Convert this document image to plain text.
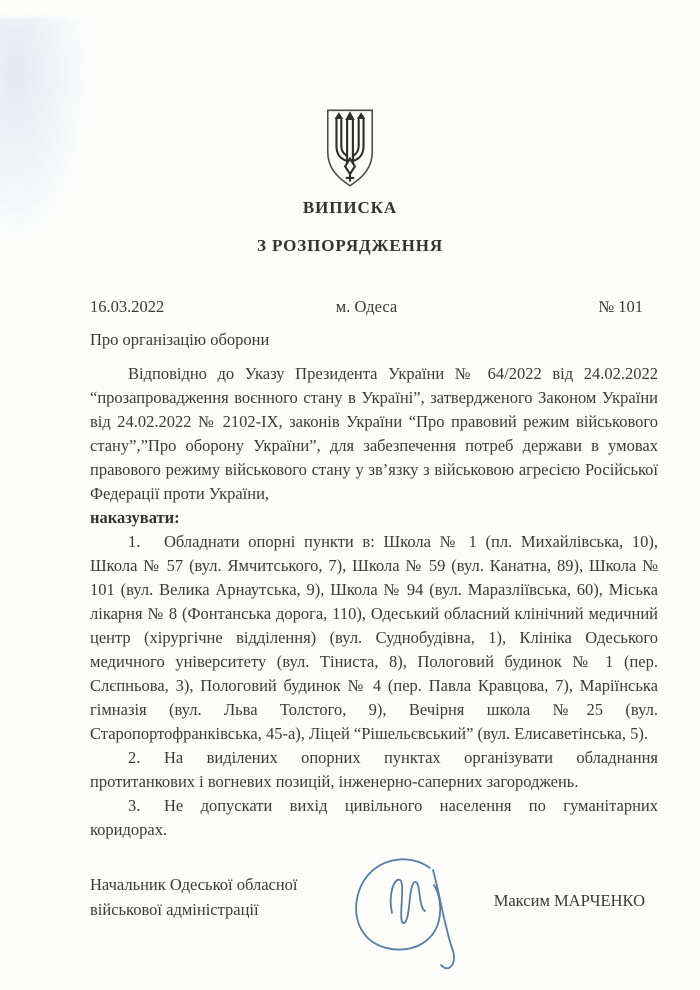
ВИПИСКА
З РОЗПОРЯДЖЕННЯ
16.03.2022	м. Одеса	№ 101
Про організацію оборони

Відповідно до Указу Президента України № 64/2022 від 24.02.2022 “прозапровадження воєнного стану в Україні”, затвердженого Законом України від 24.02.2022 № 2102-IX, законів України “Про правовий режим військового стану”,”Про оборону України”, для забезпечення потреб держави в умовах правового режиму військового стану у зв’язку з військовою агресією Російської Федерації проти України,

наказувати:

1. Обладнати опорні пункти в: Школа № 1 (пл. Михайлівська, 10), Школа № 57 (вул. Ямчитського, 7), Школа № 59 (вул. Канатна, 89), Школа № 101 (вул. Велика Арнаутська, 9), Школа № 94 (вул. Маразліївська, 60), Міська лікарня № 8 (Фонтанська дорога, 110), Одеський обласний клінічний медичний центр (хірургічне відділення) (вул. Суднобудівна, 1), Клініка Одеського медичного університету (вул. Тіниста, 8), Пологовий будинок № 1 (пер. Слєпньова, 3), Пологовий будинок № 4 (пер. Павла Кравцова, 7), Маріїнська гімназія (вул. Льва Толстого, 9), Вечірня школа №25 (вул. Старопортофранківська, 45-а), Ліцей “Рішельєвський” (вул. Елисаветінська, 5).

2. На виділених опорних пунктах організувати обладнання протитанкових і вогневих позицій, інженерно-саперних загороджень.

3. Не допускати вихід цивільного населення по гуманітарних коридорах.

Начальник Одеської обласної
військової адміністрації	Максим МАРЧЕНКО
